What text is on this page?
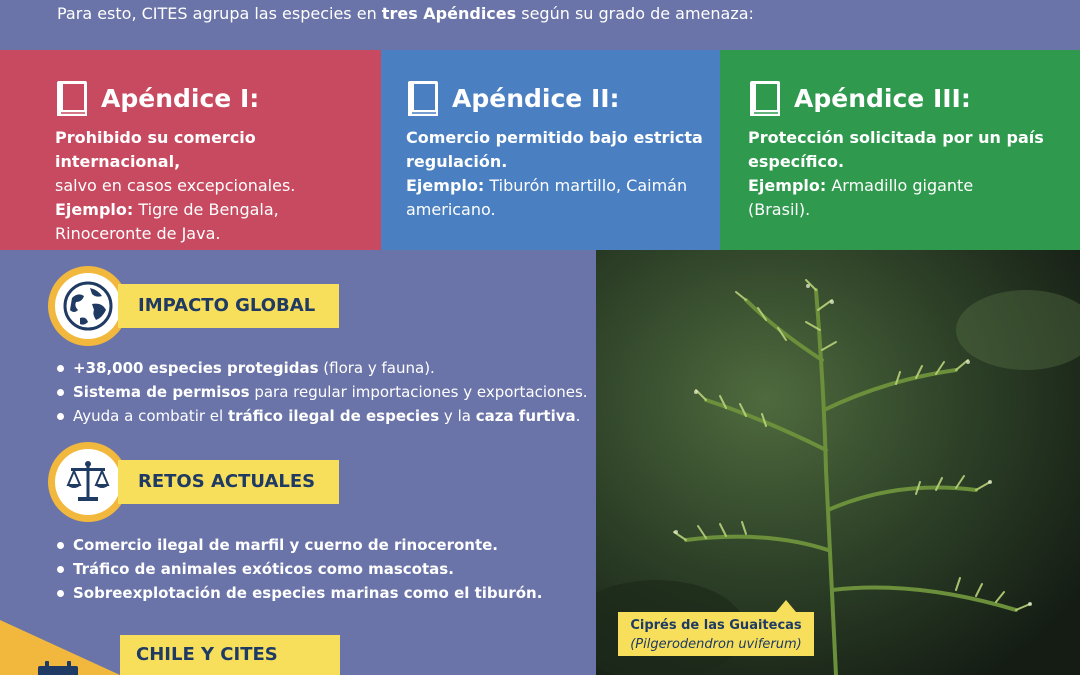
Para esto, CITES agrupa las especies en tres Apéndices según su grado de amenaza:
Apéndice I:
Prohibido su comercio internacional,
salvo en casos excepcionales.
Ejemplo: Tigre de Bengala,
Rinoceronte de Java.
Apéndice II:
Comercio permitido bajo estricta
regulación.
Ejemplo: Tiburón martillo, Caimán
americano.
Apéndice III:
Protección solicitada por un país
específico.
Ejemplo: Armadillo gigante
(Brasil).
IMPACTO GLOBAL
+38,000 especies protegidas (flora y fauna).
Sistema de permisos para regular importaciones y exportaciones.
Ayuda a combatir el tráfico ilegal de especies y la caza furtiva.
RETOS ACTUALES
Comercio ilegal de marfil y cuerno de rinoceronte.
Tráfico de animales exóticos como mascotas.
Sobreexplotación de especies marinas como el tiburón.
CHILE Y CITES
Ciprés de las Guaitecas
(Pilgerodendron uviferum)
